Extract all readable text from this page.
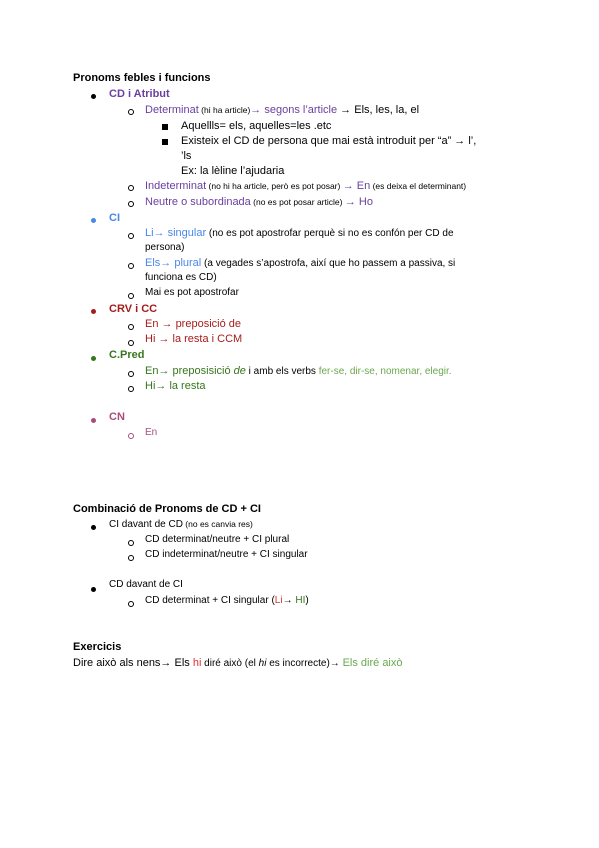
Pronoms febles i funcions
CD i Atribut
Determinat (hi ha article)→ segons l’article → Els, les, la, el
Aquellls= els, aquelles=les .etc
Existeix el CD de persona que mai està introduit per “a” → l’,
’ls
Ex: la lèline l’ajudaria
Indeterminat (no hi ha article, però es pot posar) → En (es deixa el determinant)
Neutre o subordinada (no es pot posar article) → Ho
CI
Li→ singular (no es pot apostrofar perquè si no es confón per CD de
persona)
Els→ plural (a vegades s’apostrofa, així que ho passem a passiva, si
funciona es CD)
Mai es pot apostrofar
CRV i CC
En → preposició de
Hi → la resta i CCM
C.Pred
En→ preposisició de i amb els verbs fer-se, dir-se, nomenar, elegir.
Hi→ la resta
CN
En
Combinació de Pronoms de CD + CI
CI davant de CD (no es canvia res)
CD determinat/neutre + CI plural
CD indeterminat/neutre + CI singular
CD davant de CI
CD determinat + CI singular (Li→ HI)
Exercicis
Dire això als nens→ Els hi diré això (el hi es incorrecte)→ Els diré això
